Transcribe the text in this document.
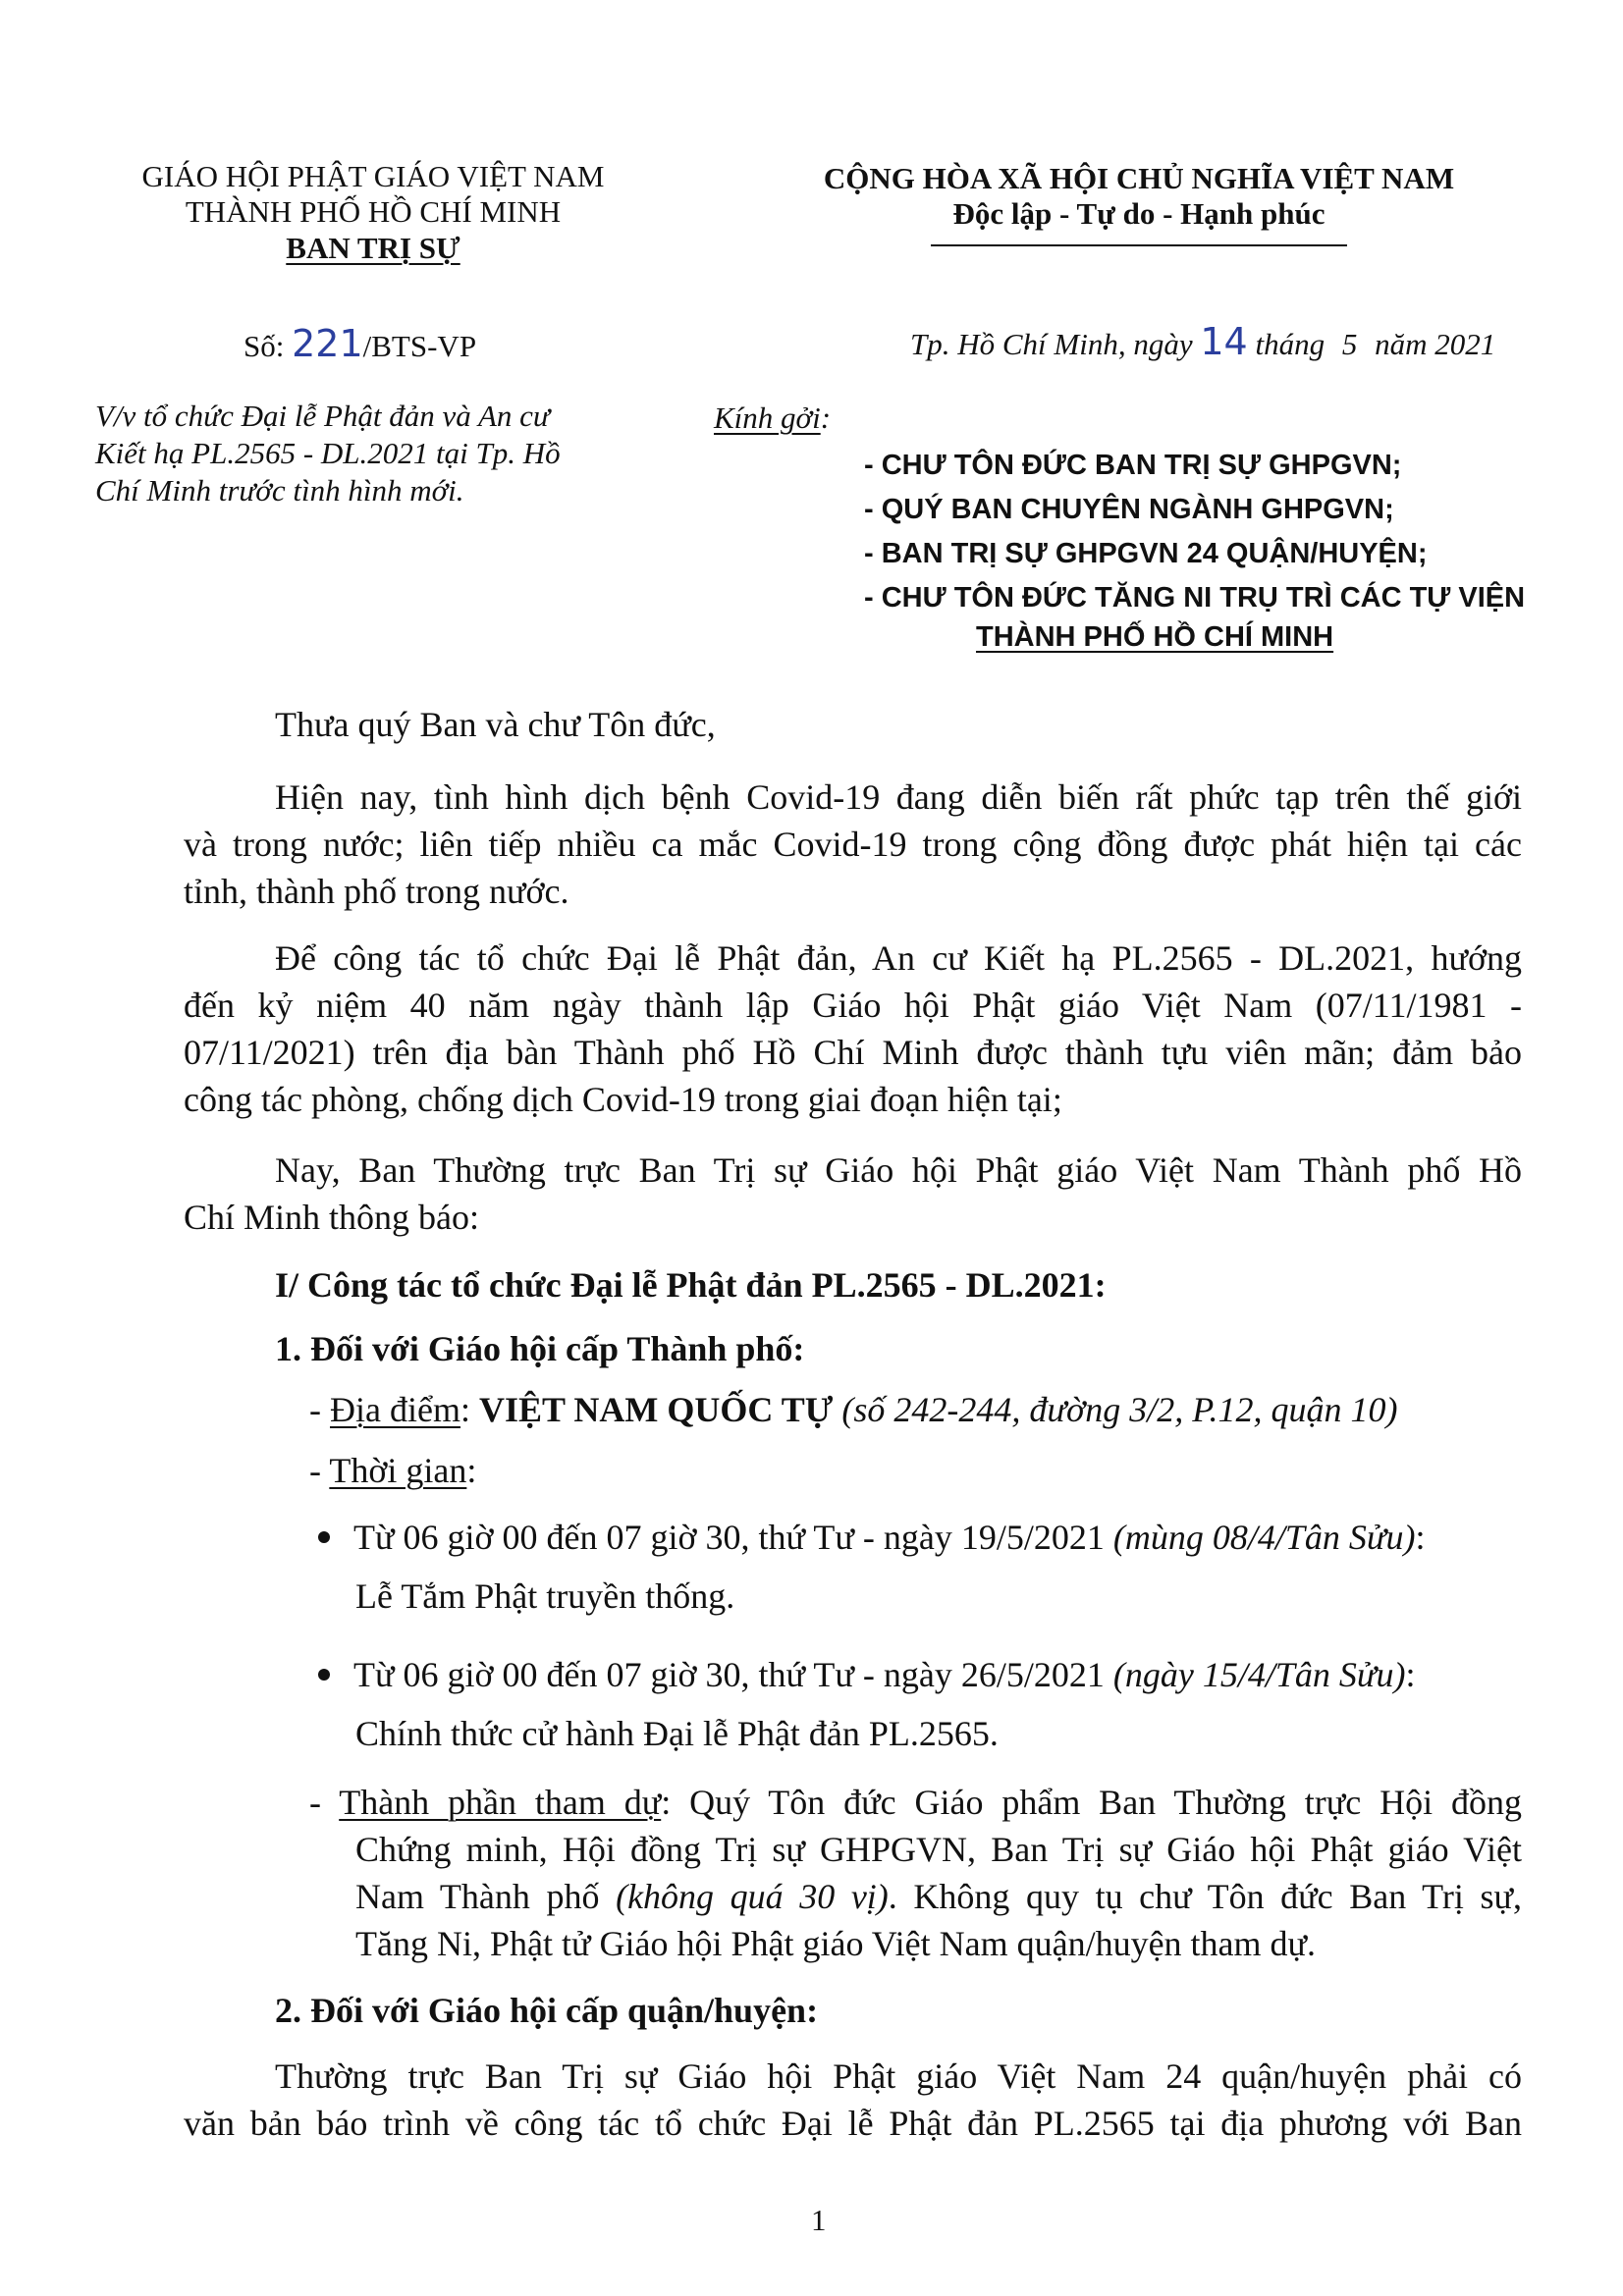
GIÁO HỘI PHẬT GIÁO VIỆT NAM
THÀNH PHỐ HỒ CHÍ MINH
BAN TRỊ SỰ
Số: 221/BTS-VP
V/v tổ chức Đại lễ Phật đản và An cư
Kiết hạ PL.2565 - DL.2021 tại Tp. Hồ
Chí Minh trước tình hình mới.
CỘNG HÒA XÃ HỘI CHỦ NGHĨA VIỆT NAM
Độc lập - Tự do - Hạnh phúc
Tp. Hồ Chí Minh, ngày 14 tháng 5 năm 2021
Kính gởi:
- CHƯ TÔN ĐỨC BAN TRỊ SỰ GHPGVN;
- QUÝ BAN CHUYÊN NGÀNH GHPGVN;
- BAN TRỊ SỰ GHPGVN 24 QUẬN/HUYỆN;
- CHƯ TÔN ĐỨC TĂNG NI TRỤ TRÌ CÁC TỰ VIỆN
THÀNH PHỐ HỒ CHÍ MINH
Thưa quý Ban và chư Tôn đức,
Hiện nay, tình hình dịch bệnh Covid-19 đang diễn biến rất phức tạp trên thế giới
và trong nước; liên tiếp nhiều ca mắc Covid-19 trong cộng đồng được phát hiện tại các
tỉnh, thành phố trong nước.
Để công tác tổ chức Đại lễ Phật đản, An cư Kiết hạ PL.2565 - DL.2021, hướng
đến kỷ niệm 40 năm ngày thành lập Giáo hội Phật giáo Việt Nam (07/11/1981 -
07/11/2021) trên địa bàn Thành phố Hồ Chí Minh được thành tựu viên mãn; đảm bảo
công tác phòng, chống dịch Covid-19 trong giai đoạn hiện tại;
Nay, Ban Thường trực Ban Trị sự Giáo hội Phật giáo Việt Nam Thành phố Hồ
Chí Minh thông báo:
I/ Công tác tổ chức Đại lễ Phật đản PL.2565 - DL.2021:
1. Đối với Giáo hội cấp Thành phố:
- Địa điểm: VIỆT NAM QUỐC TỰ (số 242-244, đường 3/2, P.12, quận 10)
- Thời gian:
Từ 06 giờ 00 đến 07 giờ 30, thứ Tư - ngày 19/5/2021 (mùng 08/4/Tân Sửu):
Lễ Tắm Phật truyền thống.
Từ 06 giờ 00 đến 07 giờ 30, thứ Tư - ngày 26/5/2021 (ngày 15/4/Tân Sửu):
Chính thức cử hành Đại lễ Phật đản PL.2565.
- Thành phần tham dự: Quý Tôn đức Giáo phẩm Ban Thường trực Hội đồng
Chứng minh, Hội đồng Trị sự GHPGVN, Ban Trị sự Giáo hội Phật giáo Việt
Nam Thành phố (không quá 30 vị). Không quy tụ chư Tôn đức Ban Trị sự,
Tăng Ni, Phật tử Giáo hội Phật giáo Việt Nam quận/huyện tham dự.
2. Đối với Giáo hội cấp quận/huyện:
Thường trực Ban Trị sự Giáo hội Phật giáo Việt Nam 24 quận/huyện phải có
văn bản báo trình về công tác tổ chức Đại lễ Phật đản PL.2565 tại địa phương với Ban
1
